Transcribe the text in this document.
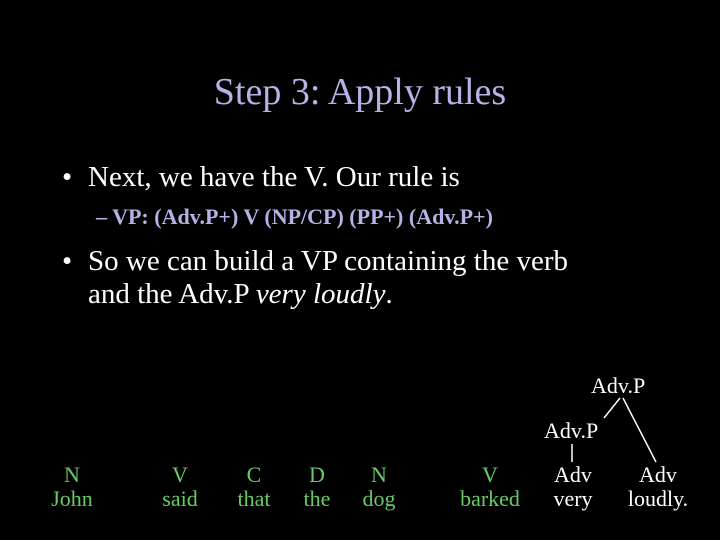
Step 3: Apply rules
• Next, we have the V. Our rule is
– VP: (Adv.P+) V (NP/CP) (PP+) (Adv.P+)
• So we can build a VP containing the verb
and the Adv.P very loudly.
Adv.P
Adv.P
N
John
V
said
C
that
D
the
N
dog
V
barked
Adv
very
Adv
loudly.
